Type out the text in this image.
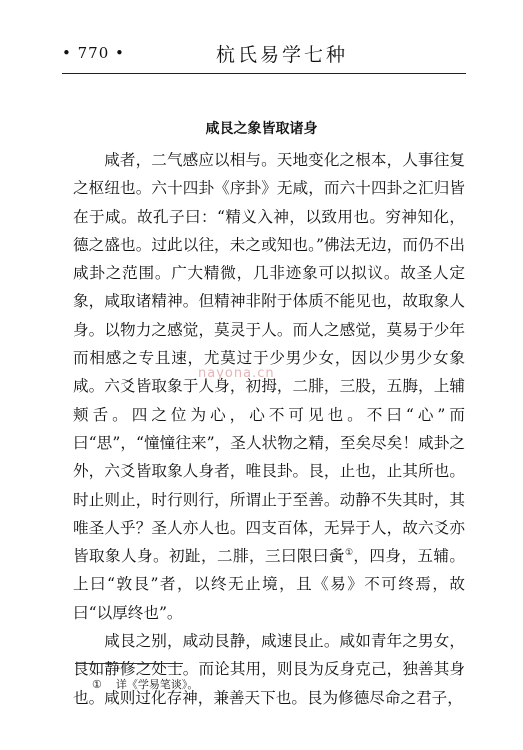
• 770 •	杭氏易学七种
咸艮之象皆取诸身

咸者，二气感应以相与。天地变化之根本，人事往复之枢纽也。六十四卦《序卦》无咸，而六十四卦之汇归皆在于咸。故孔子曰：“精义入神，以致用也。穷神知化，德之盛也。过此以往，未之或知也。”佛法无边，而仍不出咸卦之范围。广大精微，几非迹象可以拟议。故圣人定象，咸取诸精神。但精神非附于体质不能见也，故取象人身。以物力之感觉，莫灵于人。而人之感觉，莫易于少年而相感之专且速，尤莫过于少男少女，因以少男少女象咸。六爻皆取象于人身，初拇，二腓，三股，五脢，上辅颊舌。四之位为心，心不可见也。不曰“心”而曰“思”，“憧憧往来”，圣人状物之精，至矣尽矣！咸卦之外，六爻皆取象人身者，唯艮卦。艮，止也，止其所也。时止则止，时行则行，所谓止于至善。动静不失其时，其唯圣人乎？圣人亦人也。四支百体，无异于人，故六爻亦皆取象人身。初趾，二腓，三曰限曰夤①，四身，五辅。上曰“敦艮”者，以终无止境，且《易》不可终焉，故曰“以厚终也”。

咸艮之别，咸动艮静，咸速艮止。咸如青年之男女，艮如静修之处士。而论其用，则艮为反身克己，独善其身也。咸则过化存神，兼善天下也。艮为修德尽命之君子，

nayona.cn
① 详《学易笔谈》。
